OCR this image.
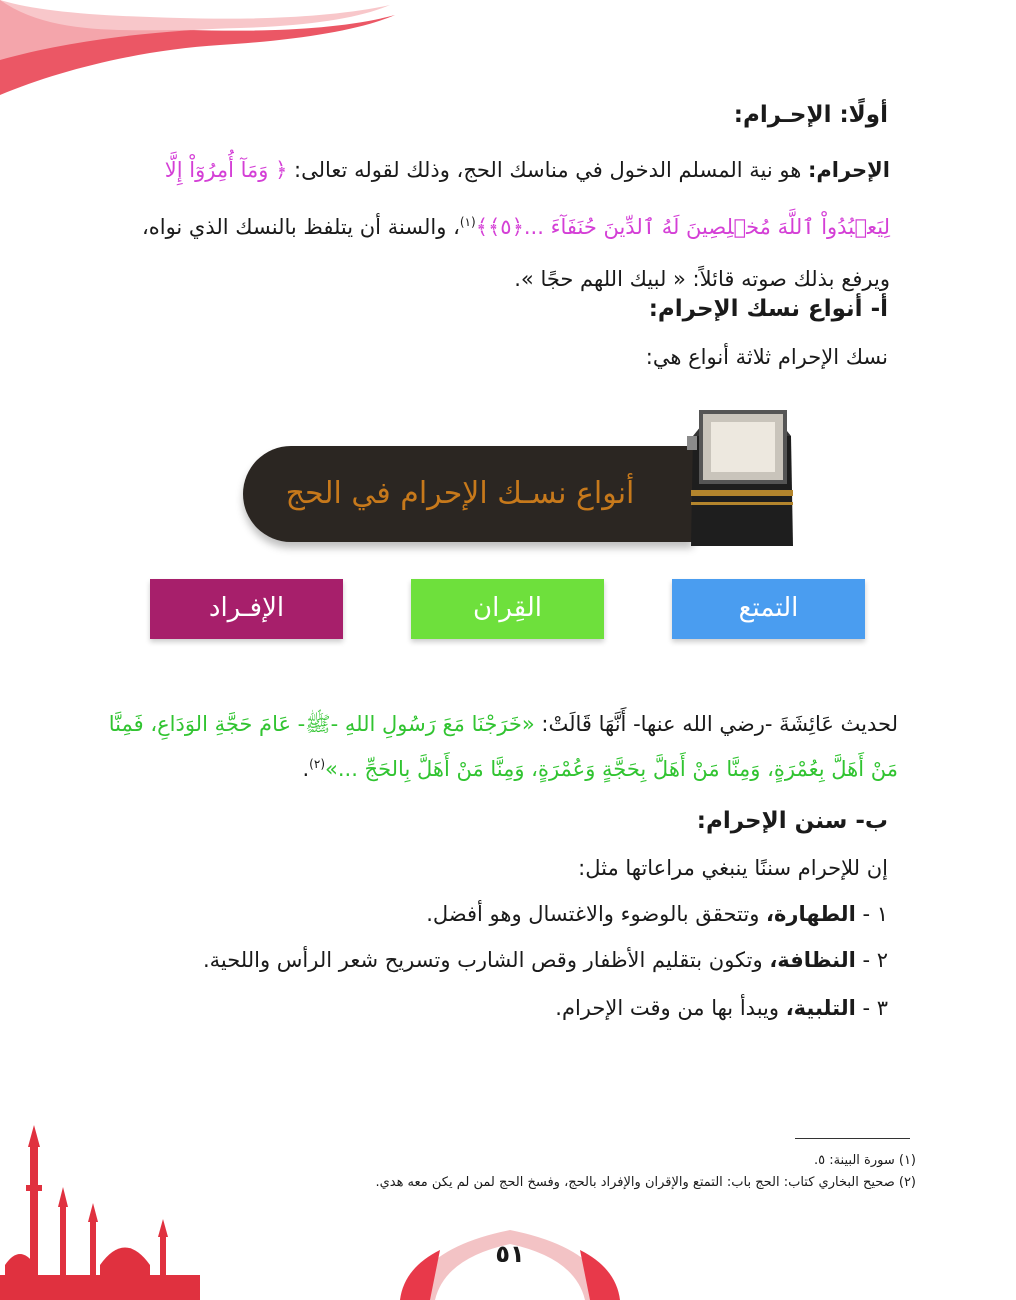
أولًا: الإحـرام:
الإحرام: هو نية المسلم الدخول في مناسك الحج، وذلك لقوله تعالى: ﴿ وَمَآ أُمِرُوٓاْ إِلَّا لِيَعۡبُدُواْ ٱللَّهَ مُخۡلِصِينَ لَهُ ٱلدِّينَ حُنَفَآءَ ...﴿٥﴾﴾$^{(١)}$، والسنة أن يتلفظ بالنسك الذي نواه، ويرفع بذلك صوته قائلاً: « لبيك اللهم حجًا ».
أ- أنواع نسك الإحرام:
نسك الإحرام ثلاثة أنواع هي:
أنواع نسـك الإحرام في الحج
التمتع
القِران
الإفـراد
لحديث عَائِشَةَ -رضي الله عنها- أَنَّهَا قَالَتْ: «خَرَجْنَا مَعَ رَسُولِ اللهِ -ﷺ- عَامَ حَجَّةِ الوَدَاعِ، فَمِنَّا مَنْ أَهَلَّ بِعُمْرَةٍ، وَمِنَّا مَنْ أَهَلَّ بِحَجَّةٍ وَعُمْرَةٍ، وَمِنَّا مَنْ أَهَلَّ بِالحَجِّ ...»$^{(٢)}$.
ب- سنن الإحرام:
إن للإحرام سننًا ينبغي مراعاتها مثل:
١ - الطهارة، وتتحقق بالوضوء والاغتسال وهو أفضل.
٢ - النظافة، وتكون بتقليم الأظفار وقص الشارب وتسريح شعر الرأس واللحية.
٣ - التلبية، ويبدأ بها من وقت الإحرام.
(١) سورة البينة: ٥.
(٢) صحيح البخاري كتاب: الحج باب: التمتع والإقران والإفراد بالحج، وفسخ الحج لمن لم يكن معه هدي.
٥١
